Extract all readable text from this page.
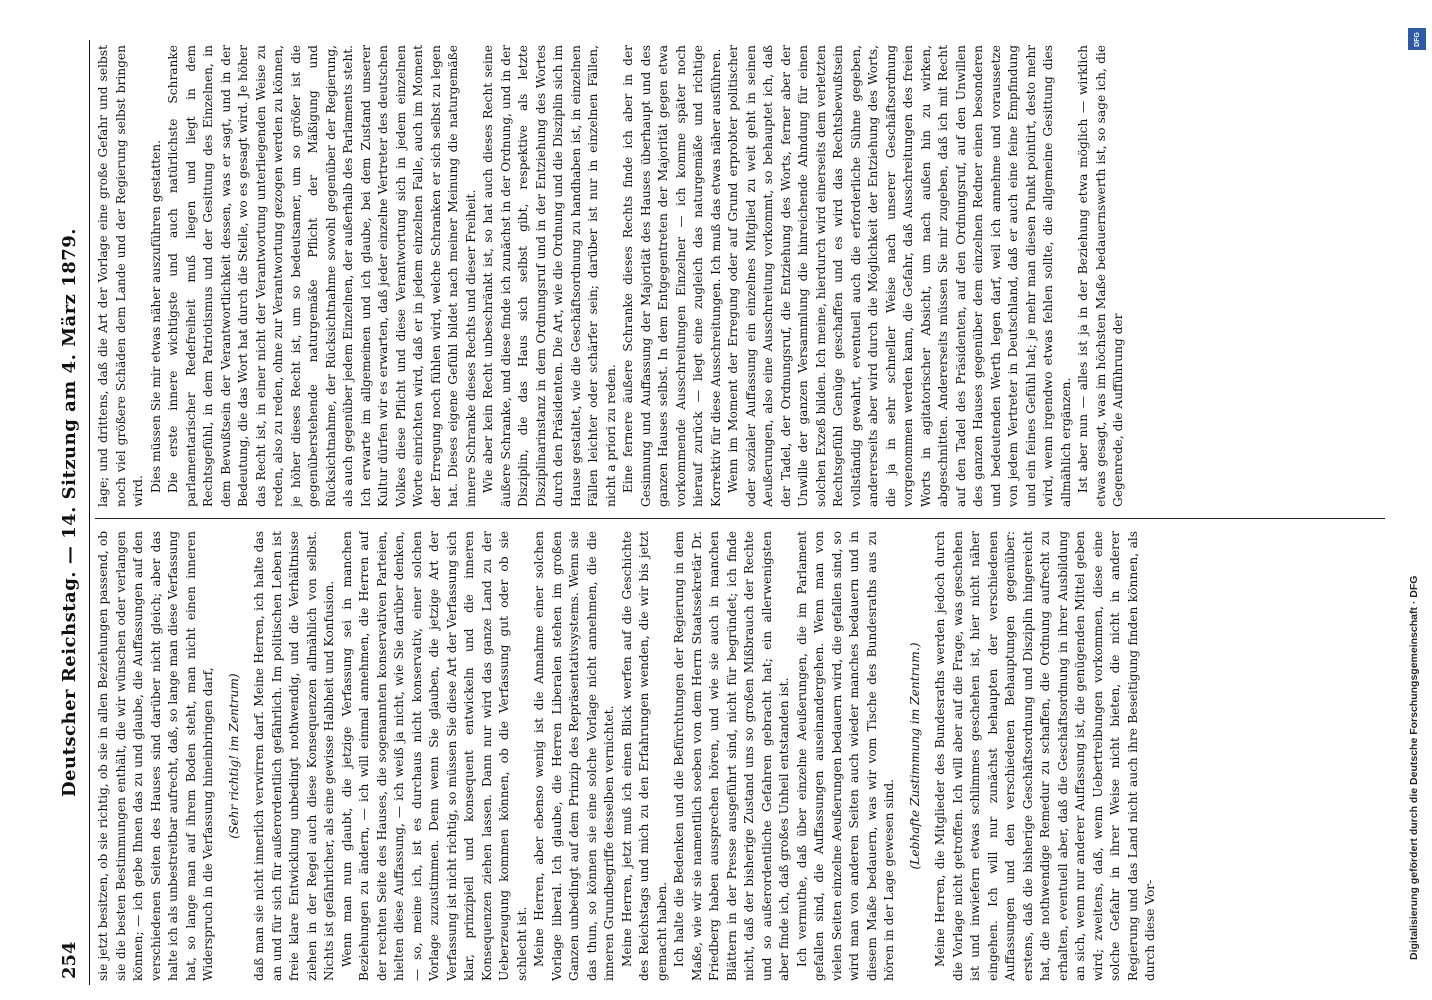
254
Deutscher Reichstag. — 14. Sitzung am 4. März 1879. sie jetzt besitzen, ob sie richtig, ob sie in allen Beziehungen passend, ob sie die besten Bestimmungen enthält, die wir wünschen oder verlangen können; — ich gebe Ihnen das zu und glaube, die Auffassungen auf den verschiedenen Seiten des Hauses sind darüber nicht gleich; aber das halte ich als unbestreitbar aufrecht, daß, so lange man diese Verfassung hat, so lange man auf ihrem Boden steht, man nicht einen inneren Widerspruch in die Verfassung hineinbringen darf, (Sehr richtig! im Zentrum) daß man sie nicht innerlich verwirren darf. Meine Herren, ich halte das an und für sich für außerordentlich gefährlich. Im politischen Leben ist freie klare Entwicklung unbedingt nothwendig, und die Verhältnisse ziehen in der Regel auch diese Konsequenzen allmählich von selbst. Nichts ist gefährlicher, als eine gewisse Halbheit und Konfusion. Wenn man nun glaubt, die jetzige Verfassung sei in manchen Beziehungen zu ändern, — ich will einmal annehmen, die Herren auf der rechten Seite des Hauses, die sogenannten konservativen Parteien, hielten diese Auffassung, — ich weiß ja nicht, wie Sie darüber denken, — so, meine ich, ist es durchaus nicht konservativ, einer solchen Vorlage zuzustimmen. Denn wenn Sie glauben, die jetzige Art der Verfassung ist nicht richtig, so müssen Sie diese Art der Verfassung sich klar, prinzipiell und konsequent entwickeln und die inneren Konsequenzen ziehen lassen. Dann nur wird das ganze Land zu der Ueberzeugung kommen können, ob die Verfassung gut oder ob sie schlecht ist. Meine Herren, aber ebenso wenig ist die Annahme einer solchen Vorlage liberal. Ich glaube, die Herren Liberalen stehen im großen Ganzen unbedingt auf dem Prinzip des Repräsentativsystems. Wenn sie das thun, so können sie eine solche Vorlage nicht annehmen, die die inneren Grundbegriffe desselben vernichtet. Meine Herren, jetzt muß ich einen Blick werfen auf die Geschichte des Reichstags und mich zu den Erfahrungen wenden, die wir bis jetzt gemacht haben. Ich halte die Bedenken und die Befürchtungen der Regierung in dem Maße, wie wir sie namentlich soeben von dem Herrn Staatssekretär Dr. Friedberg haben aussprechen hören, und wie sie auch in manchen Blättern in der Presse ausgeführt sind, nicht für begründet; ich finde nicht, daß der bisherige Zustand uns so großen Mißbrauch der Rechte und so außerordentliche Gefahren gebracht hat; ein allerwenigsten aber finde ich, daß großes Unheil entstanden ist. Ich vermuthe, daß über einzelne Aeußerungen, die im Parlament gefallen sind, die Auffassungen auseinandergehen. Wenn man von vielen Seiten einzelne Aeußerungen bedauern wird, die gefallen sind, so wird man von anderen Seiten auch wieder manches bedauern und in diesem Maße bedauern, was wir vom Tische des Bundesraths aus zu hören in der Lage gewesen sind.

(Lebhafte Zustimmung im Zentrum.) Meine Herren, die Mitglieder des Bundesraths werden jedoch durch die Vorlage nicht getroffen. Ich will aber auf die Frage, was geschehen ist und inwiefern etwas schlimmes geschehen ist, hier nicht näher eingehen. Ich will nur zunächst behaupten der verschiedenen Auffassungen und den verschiedenen Behauptungen gegenüber: erstens, daß die bisherige Geschäftsordnung und Disziplin hingereicht hat, die nothwendige Remedur zu schaffen, die Ordnung aufrecht zu erhalten, eventuell aber, daß die Geschäftsordnung in ihrer Ausbildung an sich, wenn nur anderer Auffassung ist, die genügenden Mittel geben wird; zweitens, daß, wenn Uebertreibungen vorkommen, diese eine solche Gefahr in ihrer Weise nicht bieten, die nicht in anderer Regierung und das Land nicht auch ihre Beseitigung finden können, als durch diese Vor-

lage; und drittens, daß die Art der Vorlage eine große Gefahr und selbst noch viel größere Schäden dem Lande und der Regierung selbst bringen wird. Dies müssen Sie mir etwas näher auszuführen gestatten. Die erste innere wichtigste und auch natürlichste Schranke parlamentarischer Redefreiheit muß liegen und liegt in dem Rechtsgefühl, in dem Patriotismus und der Gesittung des Einzelnen, in dem Bewußtsein der Verantwortlichkeit dessen, was er sagt, und in der Bedeutung, die das Wort hat durch die Stelle, wo es gesagt wird. Je höher das Recht ist, in einer nicht der Verantwortung unterliegenden Weise zu reden, also zu reden, ohne zur Verantwortung gezogen werden zu können, je höher dieses Recht ist, um so bedeutsamer, um so größer ist die gegenüberstehende naturgemäße Pflicht der Mäßigung und Rücksichtnahme, der Rücksichtnahme sowohl gegenüber der Regierung, als auch gegenüber jedem Einzelnen, der außerhalb des Parlaments steht. Ich erwarte im allgemeinen und ich glaube, bei dem Zustand unserer Kultur dürfen wir es erwarten, daß jeder einzelne Vertreter des deutschen Volkes diese Pflicht und diese Verantwortung sich in jedem einzelnen Worte einrichten wird, daß er in jedem einzelnen Falle, auch im Moment der Erregung noch fühlen wird, welche Schranken er sich selbst zu legen hat. Dieses eigene Gefühl bildet nach meiner Meinung die naturgemäße innere Schranke dieses Rechts und dieser Freiheit. Wie aber kein Recht unbeschränkt ist, so hat auch dieses Recht seine äußere Schranke, und diese finde ich zunächst in der Ordnung, und in der Disziplin, die das Haus sich selbst gibt, respektive als letzte Disziplinarinstanz in dem Ordnungsruf und in der Entziehung des Wortes durch den Präsidenten. Die Art, wie die Ordnung und die Disziplin sich im Hause gestaltet, wie die Geschäftsordnung zu handhaben ist, in einzelnen Fällen leichter oder schärfer sein; darüber ist nur in einzelnen Fällen, nicht a priori zu reden. Eine fernere äußere Schranke dieses Rechts finde ich aber in der Gesinnung und Auffassung der Majorität des Hauses überhaupt und des ganzen Hauses selbst. In dem Entgegentreten der Majorität gegen etwa vorkommende Ausschreitungen Einzelner — ich komme später noch hierauf zurück — liegt eine zugleich das naturgemäße und richtige Korrektiv für diese Ausschreitungen. Ich muß das etwas näher ausführen. Wenn im Moment der Erregung oder auf Grund erprobter politischer oder sozialer Auffassung ein einzelnes Mitglied zu weit geht in seinen Aeußerungen, also eine Ausschreitung vorkommt, so behauptet ich, daß der Tadel, der Ordnungsruf, die Entziehung des Worts, ferner aber der Unwille der ganzen Versammlung die hinreichende Ahndung für einen solchen Exzeß bilden. Ich meine, hierdurch wird einerseits dem verletzten Rechtsgefühl Genüge geschaffen und es wird das Rechtsbewußtsein vollständig gewahrt, eventuell auch die erforderliche Sühne gegeben, andererseits aber wird durch die Möglichkeit der Entziehung des Worts, die ja in sehr schneller Weise nach unserer Geschäftsordnung vorgenommen werden kann, die Gefahr, daß Ausschreitungen des freien Worts in agitatorischer Absicht, um nach außen hin zu wirken, abgeschnitten. Andererseits müssen Sie mir zugeben, daß ich mit Recht auf den Tadel des Präsidenten, auf den Ordnungsruf, auf den Unwillen des ganzen Hauses gegenüber dem einzelnen Redner einen besonderen und bedeutenden Werth legen darf, weil ich annehme und voraussetze von jedem Vertreter in Deutschland, daß er auch eine feine Empfindung und ein feines Gefühl hat; je mehr man diesen Punkt pointirt, desto mehr wird, wenn irgendwo etwas fehlen sollte, die allgemeine Gesittung dies allmählich ergänzen. Ist aber nun — alles ist ja in der Beziehung etwa möglich — wirklich etwas gesagt, was im höchsten Maße bedauernswerth ist, so sage ich, die Gegenrede, die Aufführung der

DFG
Digitalisierung gefördert durch die Deutsche Forschungsgemeinschaft · DFG
